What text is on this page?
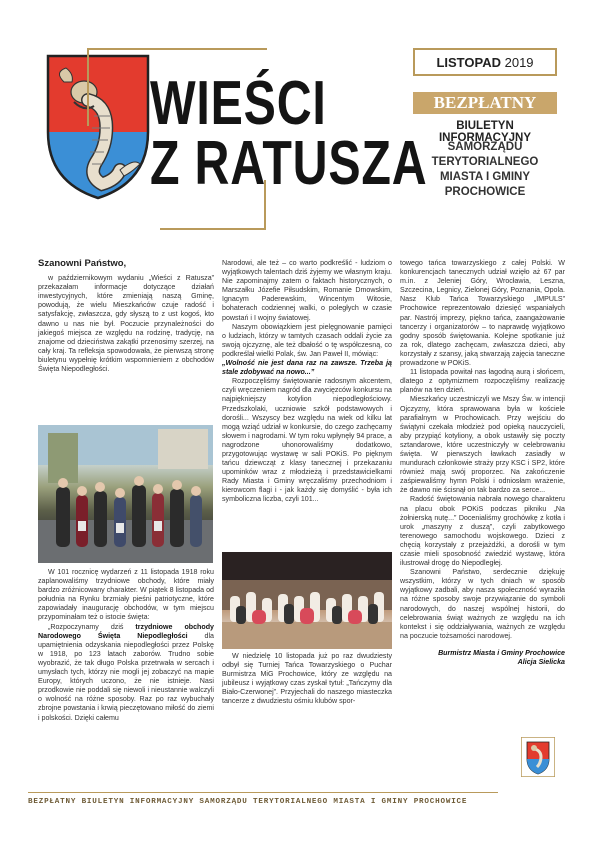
WIEŚCI
Z RATUSZA
LISTOPAD 2019
BEZPŁATNY
BIULETYN INFORMACYJNY
SAMORZĄDU
TERYTORIALNEGO
MIASTA I GMINY
PROCHOWICE

Szanowni Państwo,

w październikowym wydaniu „Wieści z Ratusza” przekazałam informacje dotyczące działań inwestycyjnych, które zmieniają naszą Gminę, powodują, że wielu Mieszkańców czuje radość i satysfakcję, zwłaszcza, gdy słyszą to z ust kogoś, kto dawno u nas nie był. Poczucie przynależności do jakiegoś miejsca ze względu na rodzinę, tradycję, na znajome od dzieciństwa zakątki przenosimy szerzej, na cały kraj. Ta refleksja spowodowała, że pierwszą stronę biuletynu wypełnię krótkim wspomnieniem z obchodów Święta Niepodległości.

W 101 rocznicę wydarzeń z 11 listopada 1918 roku zaplanowaliśmy trzydniowe obchody, które miały bardzo zróżnicowany charakter. W piątek 8 listopada od południa na Rynku brzmiały pieśni patriotyczne, które zapowiadały inaugurację obchodów, w tym miejscu przypominałam też o istocie święta:

„Rozpoczynamy dziś trzydniowe obchody Narodowego Święta Niepodległości dla upamiętnienia odzyskania niepodległości przez Polskę w 1918, po 123 latach zaborów. Trudno sobie wyobrazić, że tak długo Polska przetrwała w sercach i umysłach tych, którzy nie mogli jej zobaczyć na mapie Europy, których uczono, że nie istnieje. Nasi przodkowie nie poddali się niewoli i nieustannie walczyli o wolność na różne sposoby. Raz po raz wybuchały zbrojne powstania i krwią pieczętowano miłość do ziemi i polskości. Dzięki całemu

Narodowi, ale też – co warto podkreślić - ludziom o wyjątkowych talentach dziś żyjemy we własnym kraju. Nie zapominajmy zatem o faktach historycznych, o Marszałku Józefie Piłsudskim, Romanie Dmowskim, Ignacym Paderewskim, Wincentym Witosie, bohaterach codziennej walki, o poległych w czasie powstań i I wojny światowej.

Naszym obowiązkiem jest pielęgnowanie pamięci o ludziach, którzy w tamtych czasach oddali życie za swoją ojczyznę, ale też dbałość o tę współczesną, co podkreślał wielki Polak, św. Jan Paweł II, mówiąc:

„Wolność nie jest dana raz na zawsze. Trzeba ją stale zdobywać na nowo...”

Rozpoczęliśmy świętowanie radosnym akcentem, czyli wręczeniem nagród dla zwycięzców konkursu na najpiękniejszy kotylion niepodległościowy. Przedszkolaki, uczniowie szkół podstawowych i dorośli... Wszyscy bez względu na wiek od kilku lat mogą wziąć udział w konkursie, do czego zachęcamy słowem i nagrodami. W tym roku wpłynęły 94 prace, a nagrodzone uhonorowaliśmy dodatkowo, przygotowując wystawę w sali POKiS. Po pięknym tańcu dziewcząt z klasy tanecznej i przekazaniu upominków wraz z młodzieżą i przedstawicielkami Rady Miasta i Gminy wręczaliśmy przechodniom i kierowcom flagi i - jak każdy się domyślić - była ich symboliczna liczba, czyli 101...

W niedzielę 10 listopada już po raz dwudziesty odbył się Turniej Tańca Towarzyskiego o Puchar Burmistrza MiG Prochowice, który ze względu na jubileusz i wyjątkowy czas zyskał tytuł: „Tańczymy dla Biało-Czerwonej”. Przyjechali do naszego miasteczka tancerze z dwudziestu ośmiu klubów spor-

towego tańca towarzyskiego z całej Polski. W konkurencjach tanecznych udział wzięło aż 67 par m.in. z Jeleniej Góry, Wrocławia, Leszna, Szczecina, Legnicy, Zielonej Góry, Poznania, Opola. Nasz Klub Tańca Towarzyskiego „IMPULS” Prochowice reprezentowało dziesięć wspaniałych par. Nastrój imprezy, piękno tańca, zaangażowanie tancerzy i organizatorów – to naprawdę wyjątkowo godny sposób świętowania. Kolejne spotkanie już za rok, dlatego zachęcam, zwłaszcza dzieci, aby korzystały z szansy, jaką stwarzają zajęcia taneczne prowadzone w POKiS.

11 listopada powitał nas łagodną aurą i słońcem, dlatego z optymizmem rozpoczęliśmy realizację planów na ten dzień.

Mieszkańcy uczestniczyli we Mszy Św. w intencji Ojczyzny, która sprawowana była w kościele parafialnym w Prochowicach. Przy wejściu do świątyni czekała młodzież pod opieką nauczycieli, aby przypiąć kotyliony, a obok ustawiły się poczty sztandarowe, które uczestniczyły w celebrowaniu święta. W pierwszych ławkach zasiadły w mundurach członkowie straży przy KSC i SP2, które również mają swój proporzec. Na zakończenie zaśpiewaliśmy hymn Polski i odniosłam wrażenie, że dawno nie ścisnął on tak bardzo za serce...

Radość świętowania nabrała nowego charakteru na placu obok POKiS podczas pikniku „Na żołnierską nutę...” Docenialiśmy grochówkę z kotła i urok „maszyny z duszą”, czyli zabytkowego terenowego samochodu wojskowego. Dzieci z chęcią korzystały z przejażdżki, a dorośli w tym czasie mieli sposobność zwiedzić wystawę, która ilustrował drogę do Niepodległej.

Szanowni Państwo, serdecznie dziękuję wszystkim, którzy w tych dniach w sposób wyjątkowy zadbali, aby nasza społeczność wyraziła na różne sposoby swoje przywiązanie do symboli narodowych, do naszej wspólnej historii, do celebrowania świąt ważnych ze względu na ich kontekst i się oddziaływania, ważnych ze względu na poczucie tożsamości narodowej.

Burmistrz Miasta i Gminy Prochowice

Alicja Sielicka

BEZPŁATNY BIULETYN INFORMACYJNY SAMORZĄDU TERYTORIALNEGO MIASTA I GMINY PROCHOWICE
